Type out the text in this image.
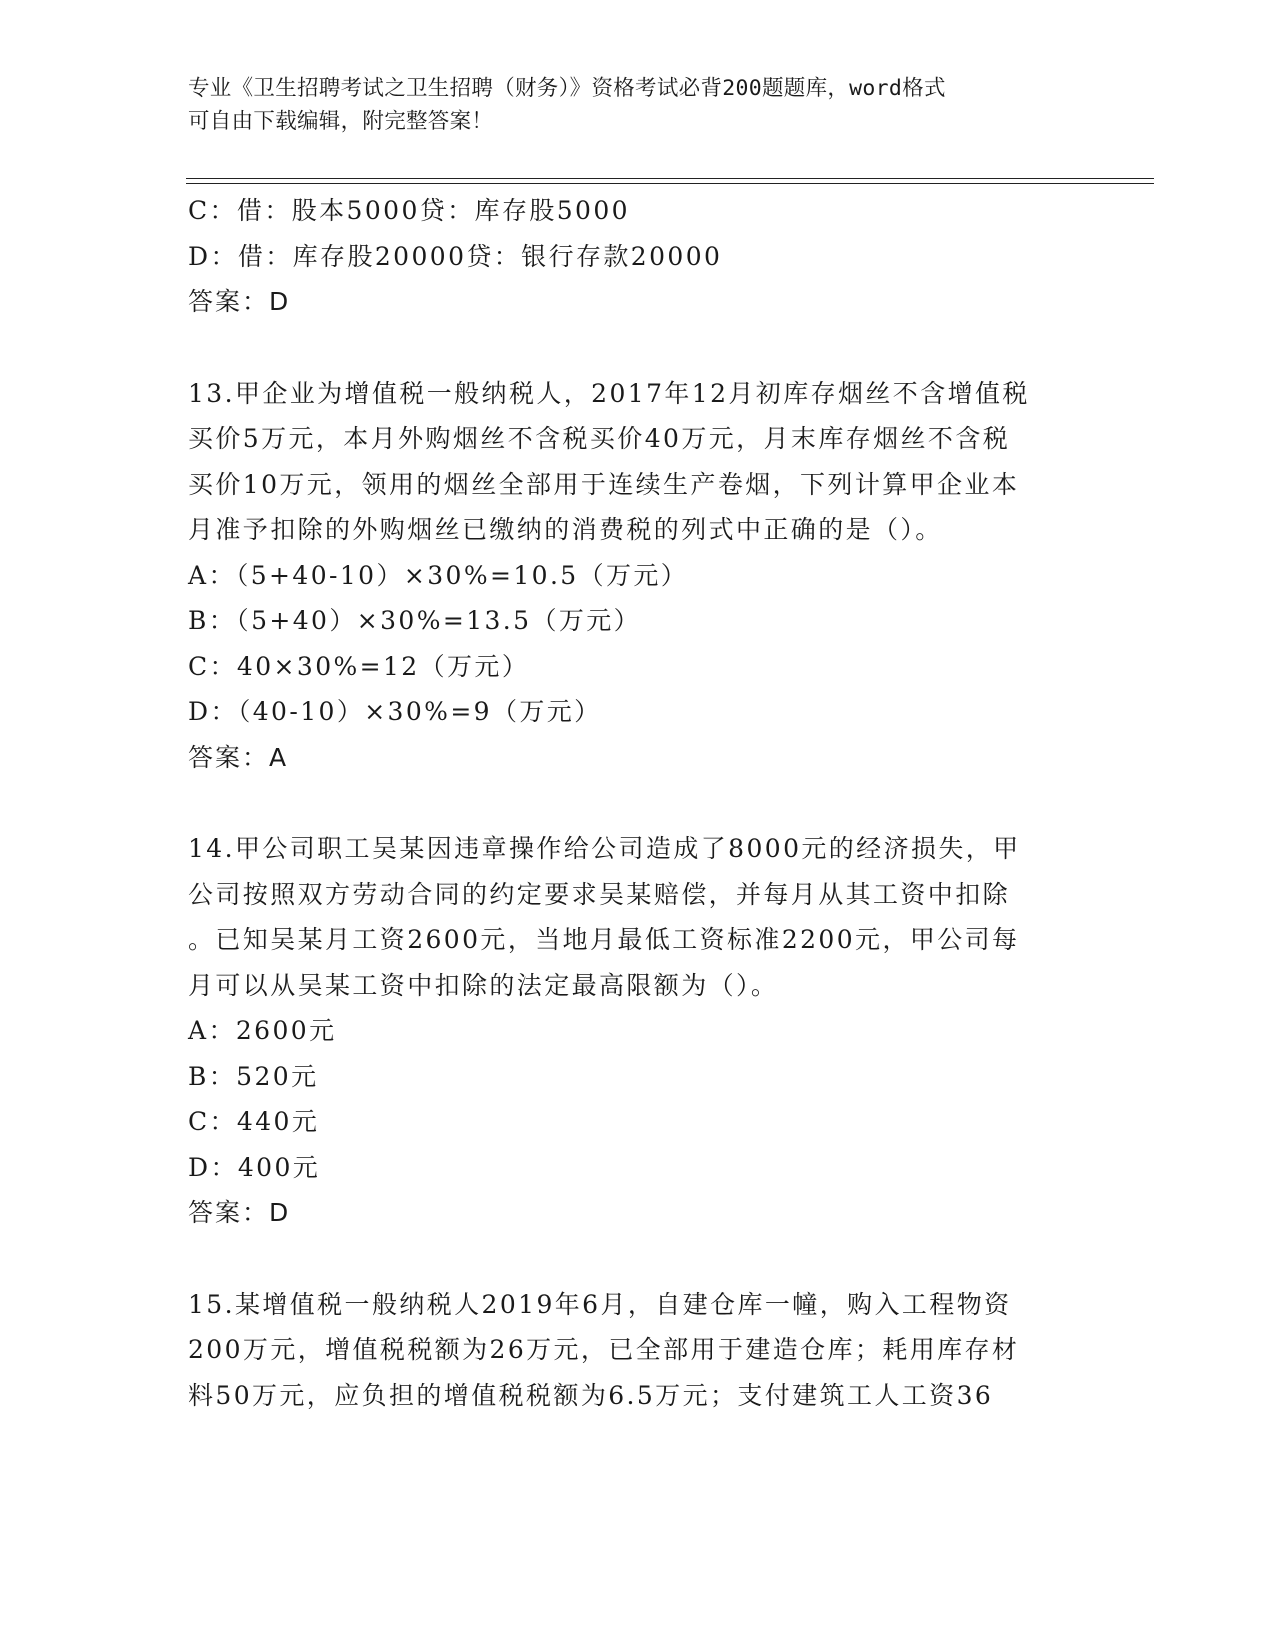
专业《卫生招聘考试之卫生招聘（财务）》资格考试必背200题题库，word格式

可自由下载编辑，附完整答案！

C：借：股本5000贷：库存股5000
D：借：库存股20000贷：银行存款20000
答案：D
13.甲企业为增值税一般纳税人，2017年12月初库存烟丝不含增值税
买价5万元，本月外购烟丝不含税买价40万元，月末库存烟丝不含税
买价10万元，领用的烟丝全部用于连续生产卷烟，下列计算甲企业本
月准予扣除的外购烟丝已缴纳的消费税的列式中正确的是（）。
A：（5+40-10）×30%=10.5（万元）
B：（5+40）×30%=13.5（万元）
C：40×30%=12（万元）
D：（40-10）×30%=9（万元）
答案：A
14.甲公司职工吴某因违章操作给公司造成了8000元的经济损失，甲
公司按照双方劳动合同的约定要求吴某赔偿，并每月从其工资中扣除
。已知吴某月工资2600元，当地月最低工资标准2200元，甲公司每
月可以从吴某工资中扣除的法定最高限额为（）。
A：2600元
B：520元
C：440元
D：400元
答案：D
15.某增值税一般纳税人2019年6月，自建仓库一幢，购入工程物资
200万元，增值税税额为26万元，已全部用于建造仓库；耗用库存材
料50万元，应负担的增值税税额为6.5万元；支付建筑工人工资36
